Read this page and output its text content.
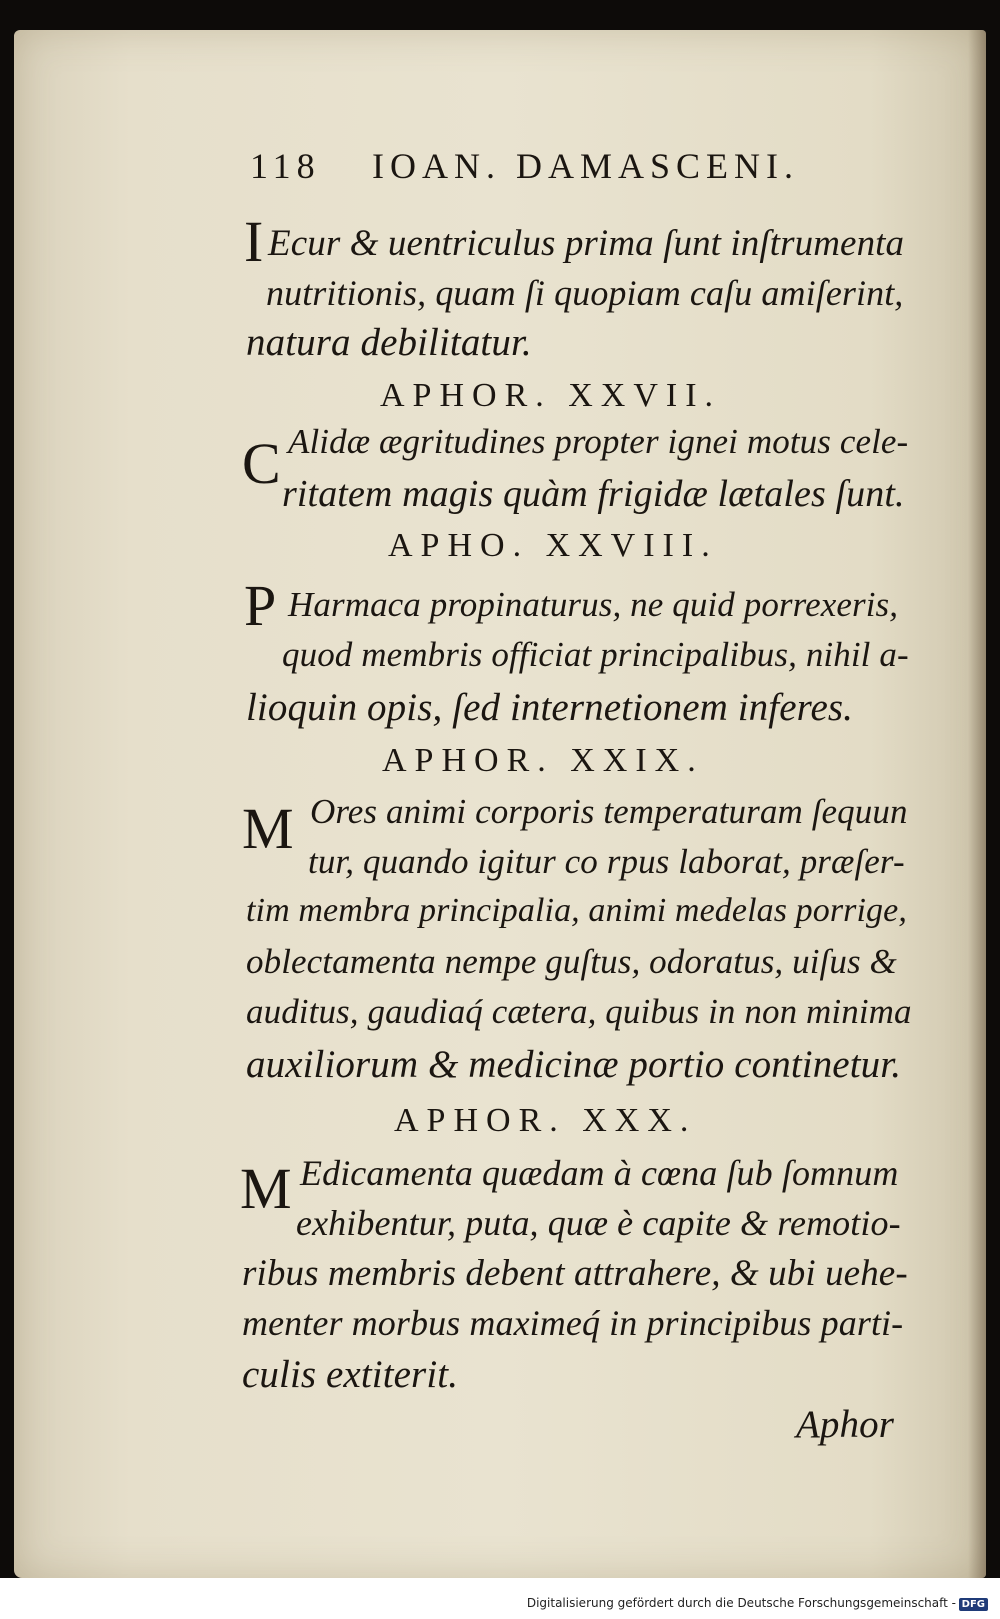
118 IOAN. DAMASCENI.
I Ecur & uentriculus prima ſunt inſtrumenta
nutritionis, quam ſi quopiam caſu amiſerint,
natura debilitatur.
APHOR. XXVII.
C Alidæ ægritudines propter ignei motus cele-
ritatem magis quàm frigidæ lætales ſunt.
APHO. XXVIII.
P Harmaca propinaturus, ne quid porrexeris,
quod membris officiat principalibus, nihil a-
lioquin opis, ſed internetionem inferes.
APHOR. XXIX.
M Ores animi corporis temperaturam ſequun
tur, quando igitur co rpus laborat, præſer-
tim membra principalia, animi medelas porrige,
oblectamenta nempe guſtus, odoratus, uiſus &
auditus, gaudiaq́ cætera, quibus in non minima
auxiliorum & medicinæ portio continetur.
APHOR. XXX.
M Edicamenta quædam à cœna ſub ſomnum
exhibentur, puta, quæ è capite & remotio-
ribus membris debent attrahere, & ubi uehe-
menter morbus maximeq́ in principibus parti-
culis extiterit.
Aphor
Digitalisierung gefördert durch die Deutsche Forschungsgemeinschaft - DFG
